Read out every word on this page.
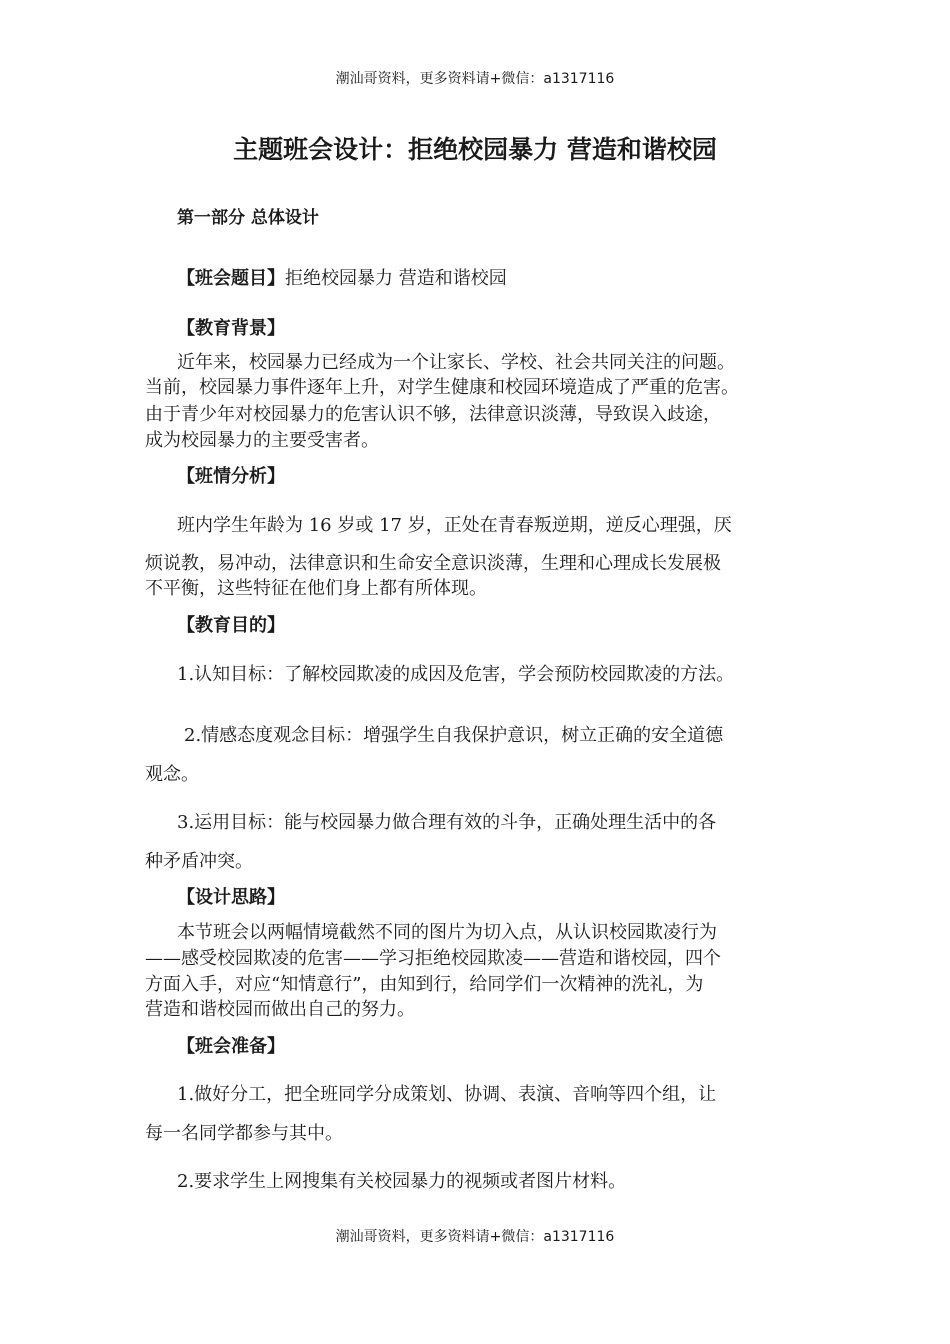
潮汕哥资料，更多资料请+微信：a1317116
主题班会设计：拒绝校园暴力 营造和谐校园
第一部分 总体设计
【班会题目】拒绝校园暴力 营造和谐校园
【教育背景】
近年来，校园暴力已经成为一个让家长、学校、社会共同关注的问题。
当前，校园暴力事件逐年上升，对学生健康和校园环境造成了严重的危害。
由于青少年对校园暴力的危害认识不够，法律意识淡薄，导致误入歧途，
成为校园暴力的主要受害者。
【班情分析】
班内学生年龄为 16 岁或 17 岁，正处在青春叛逆期，逆反心理强，厌
烦说教，易冲动，法律意识和生命安全意识淡薄，生理和心理成长发展极
不平衡，这些特征在他们身上都有所体现。
【教育目的】
1.认知目标：了解校园欺凌的成因及危害，学会预防校园欺凌的方法。
2.情感态度观念目标：增强学生自我保护意识，树立正确的安全道德
观念。
3.运用目标：能与校园暴力做合理有效的斗争，正确处理生活中的各
种矛盾冲突。
【设计思路】
本节班会以两幅情境截然不同的图片为切入点，从认识校园欺凌行为
——感受校园欺凌的危害——学习拒绝校园欺凌——营造和谐校园，四个
方面入手，对应“知情意行”，由知到行，给同学们一次精神的洗礼，为
营造和谐校园而做出自己的努力。
【班会准备】
1.做好分工，把全班同学分成策划、协调、表演、音响等四个组，让
每一名同学都参与其中。
2.要求学生上网搜集有关校园暴力的视频或者图片材料。
潮汕哥资料，更多资料请+微信：a1317116
